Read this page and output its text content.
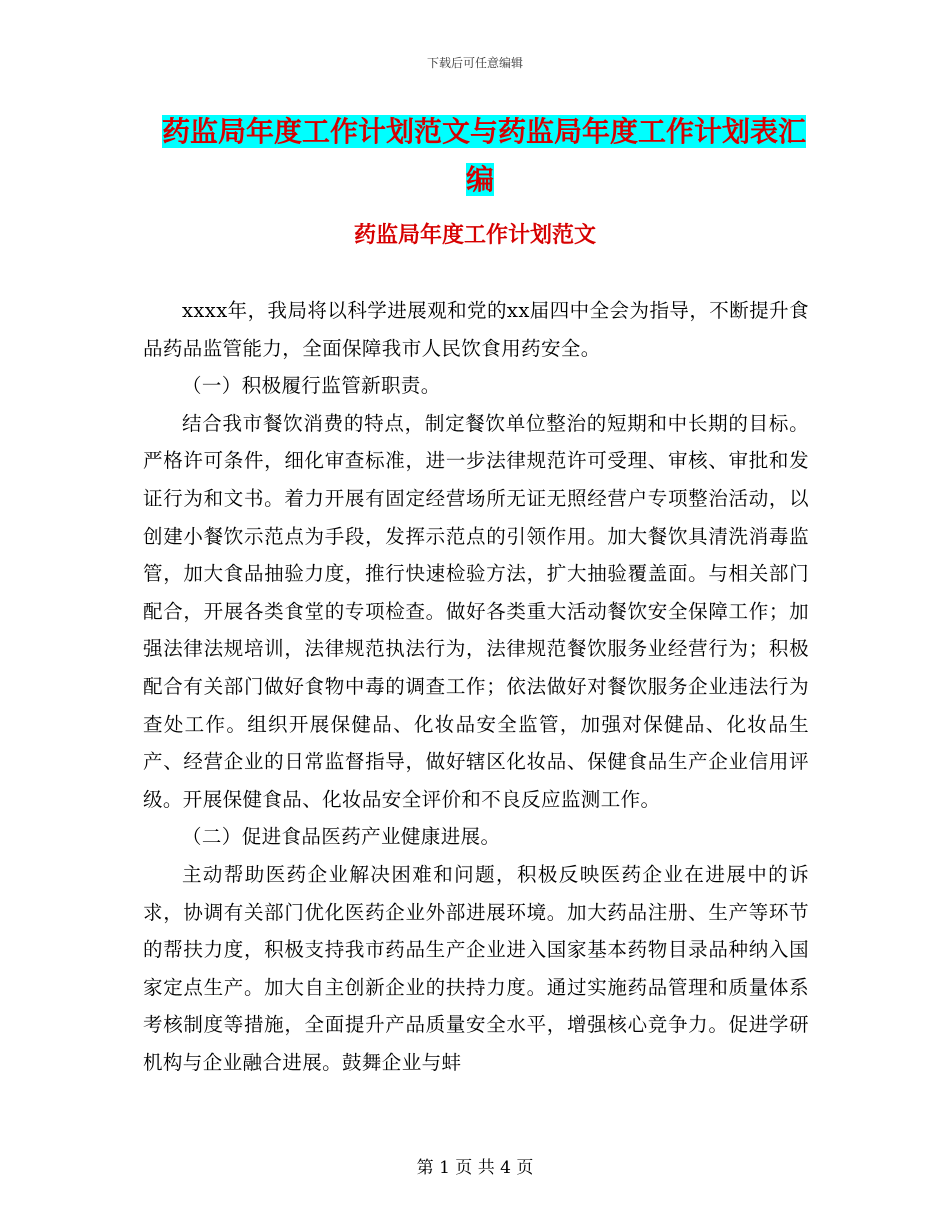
下载后可任意编辑
药监局年度工作计划范文与药监局年度工作计划表汇
编
药监局年度工作计划范文

xxxx年，我局将以科学进展观和党的xx届四中全会为指导，不断提升食品药品监管能力，全面保障我市人民饮食用药安全。

（一）积极履行监管新职责。

结合我市餐饮消费的特点，制定餐饮单位整治的短期和中长期的目标。严格许可条件，细化审查标准，进一步法律规范许可受理、审核、审批和发证行为和文书。着力开展有固定经营场所无证无照经营户专项整治活动，以创建小餐饮示范点为手段，发挥示范点的引领作用。加大餐饮具清洗消毒监管，加大食品抽验力度，推行快速检验方法，扩大抽验覆盖面。与相关部门配合，开展各类食堂的专项检查。做好各类重大活动餐饮安全保障工作；加强法律法规培训，法律规范执法行为，法律规范餐饮服务业经营行为；积极配合有关部门做好食物中毒的调查工作；依法做好对餐饮服务企业违法行为查处工作。组织开展保健品、化妆品安全监管，加强对保健品、化妆品生产、经营企业的日常监督指导，做好辖区化妆品、保健食品生产企业信用评级。开展保健食品、化妆品安全评价和不良反应监测工作。

（二）促进食品医药产业健康进展。

主动帮助医药企业解决困难和问题，积极反映医药企业在进展中的诉求，协调有关部门优化医药企业外部进展环境。加大药品注册、生产等环节的帮扶力度，积极支持我市药品生产企业进入国家基本药物目录品种纳入国家定点生产。加大自主创新企业的扶持力度。通过实施药品管理和质量体系考核制度等措施，全面提升产品质量安全水平，增强核心竞争力。促进学研机构与企业融合进展。鼓舞企业与蚌

第 1 页 共 4 页
